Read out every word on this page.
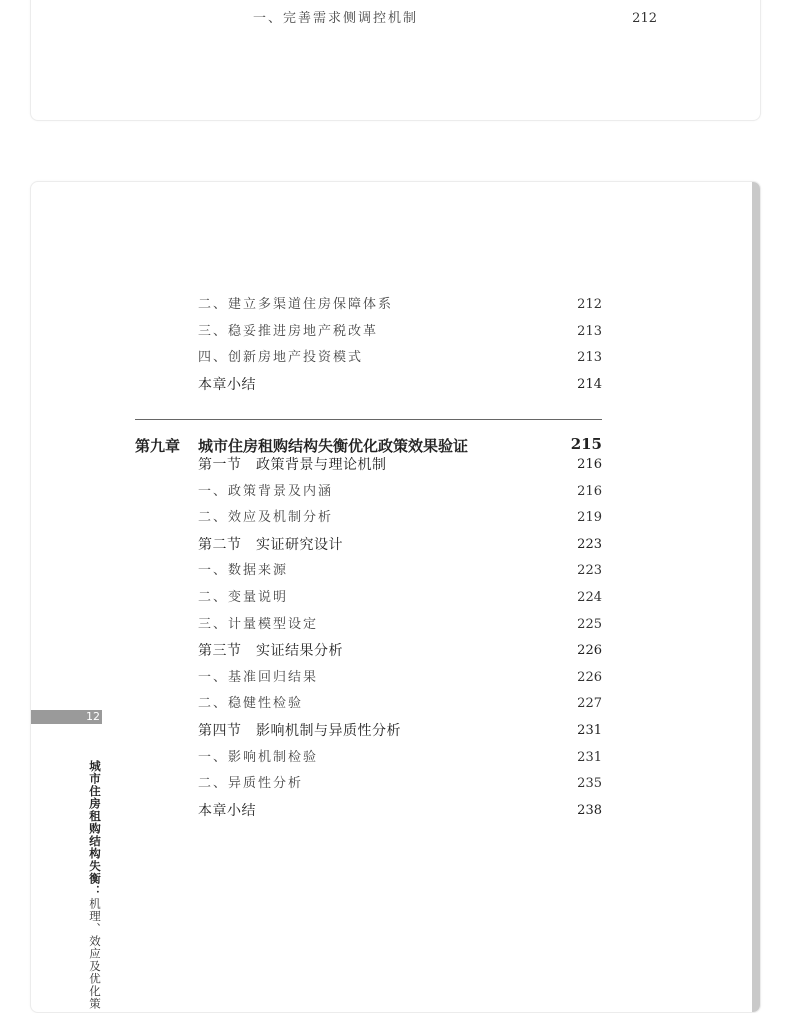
一、完善需求侧调控机制	212
二、建立多渠道住房保障体系	212
三、稳妥推进房地产税改革	213
四、创新房地产投资模式	213
本章小结	214
第九章 城市住房租购结构失衡优化政策效果验证	215
第一节　政策背景与理论机制	216
一、政策背景及内涵	216
二、效应及机制分析	219
第二节　实证研究设计	223
一、数据来源	223
二、变量说明	224
三、计量模型设定	225
第三节　实证结果分析	226
一、基准回归结果	226
二、稳健性检验	227
第四节　影响机制与异质性分析	231
一、影响机制检验	231
二、异质性分析	235
本章小结	238
12
城市住房租购结构失衡：机理、效应及优化策
